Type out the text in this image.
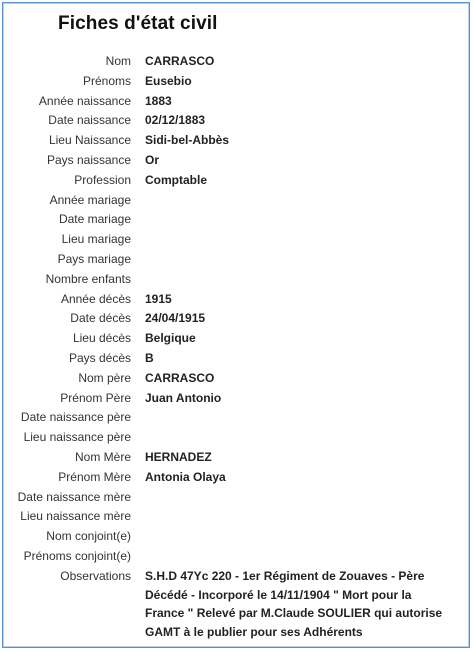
Fiches d'état civil
Nom CARRASCO
Prénoms Eusebio
Année naissance 1883
Date naissance 02/12/1883
Lieu Naissance Sidi-bel-Abbès
Pays naissance Or
Profession Comptable
Année mariage
Date mariage
Lieu mariage
Pays mariage
Nombre enfants
Année décès 1915
Date décès 24/04/1915
Lieu décès Belgique
Pays décès B
Nom père CARRASCO
Prénom Père Juan Antonio
Date naissance père
Lieu naissance père
Nom Mère HERNADEZ
Prénom Mère Antonia Olaya
Date naissance mère
Lieu naissance mère
Nom conjoint(e)
Prénoms conjoint(e)
Observations S.H.D 47Yc 220 - 1er Régiment de Zouaves - Père Décédé - Incorporé le 14/11/1904 " Mort pour la France " Relevé par M.Claude SOULIER qui autorise GAMT à le publier pour ses Adhérents
